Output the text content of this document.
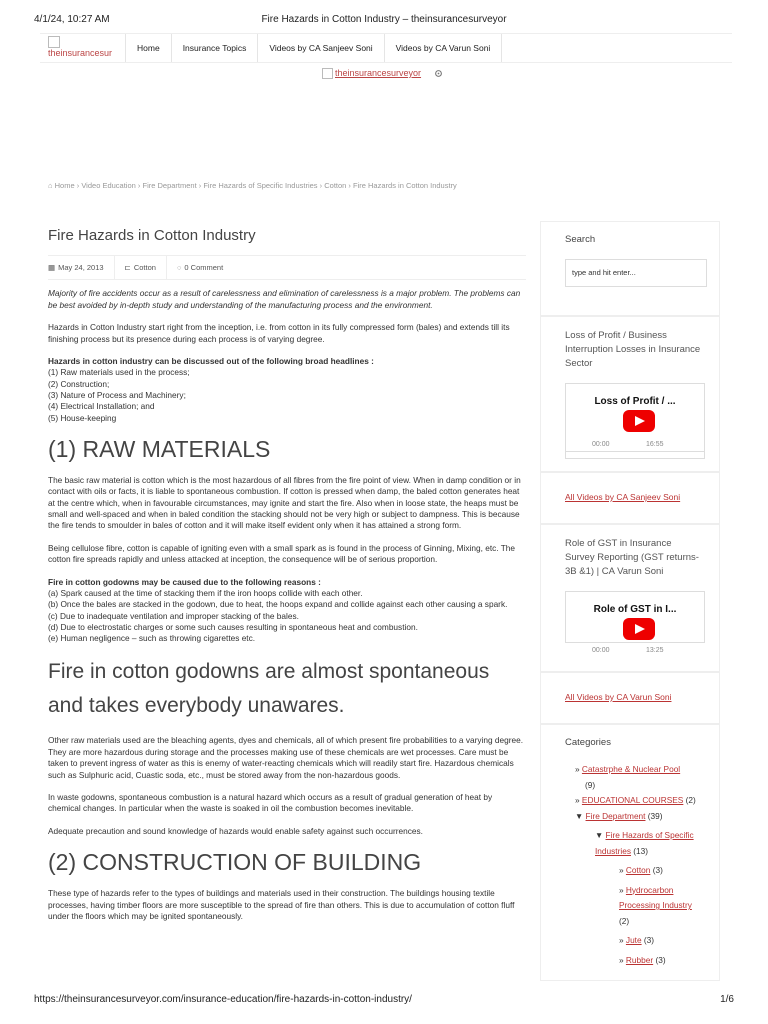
4/1/24, 10:27 AM	Fire Hazards in Cotton Industry – theinsurancesurveyor
theinsurancesur	Home	Insurance Topics	Videos by CA Sanjeev Soni	Videos by CA Varun Soni
theinsurancesurveyor
⌂ Home › Video Education › Fire Department › Fire Hazards of Specific Industries › Cotton › Fire Hazards in Cotton Industry
Fire Hazards in Cotton Industry
▦ May 24, 2013	⊏ Cotton	◌ 0 Comment

Majority of fire accidents occur as a result of carelessness and elimination of carelessness is a major problem. The problems can be best avoided by in-depth study and understanding of the manufacturing process and the environment.

Hazards in Cotton Industry start right from the inception, i.e. from cotton in its fully compressed form (bales) and extends till its finishing process but its presence during each process is of varying degree.

Hazards in cotton industry can be discussed out of the following broad headlines :
(1) Raw materials used in the process;
(2) Construction;
(3) Nature of Process and Machinery;
(4) Electrical Installation; and
(5) House-keeping
(1) RAW MATERIALS

The basic raw material is cotton which is the most hazardous of all fibres from the fire point of view. When in damp condition or in contact with oils or facts, it is liable to spontaneous combustion. If cotton is pressed when damp, the baled cotton generates heat at the centre which, when in favourable circumstances, may ignite and start the fire. Also when in loose state, the heaps must be small and well-spaced and when in baled condition the stacking should not be very high or subject to dampness. This is because the fire tends to smoulder in bales of cotton and it will make itself evident only when it has attained a strong form.

Being cellulose fibre, cotton is capable of igniting even with a small spark as is found in the process of Ginning, Mixing, etc. The cotton fire spreads rapidly and unless attacked at inception, the consequence will be of serious proportion.

Fire in cotton godowns may be caused due to the following reasons :
(a) Spark caused at the time of stacking them if the iron hoops collide with each other.
(b) Once the bales are stacked in the godown, due to heat, the hoops expand and collide against each other causing a spark.
(c) Due to inadequate ventilation and improper stacking of the bales.
(d) Due to electrostatic charges or some such causes resulting in spontaneous heat and combustion.
(e) Human negligence – such as throwing cigarettes etc.
Fire in cotton godowns are almost spontaneous and takes everybody unawares.

Other raw materials used are the bleaching agents, dyes and chemicals, all of which present fire probabilities to a varying degree. They are more hazardous during storage and the processes making use of these chemicals are wet processes. Care must be taken to prevent ingress of water as this is enemy of water-reacting chemicals which will readily start fire. Hazardous chemicals such as Sulphuric acid, Cuastic soda, etc., must be stored away from the non-hazardous goods.

In waste godowns, spontaneous combustion is a natural hazard which occurs as a result of gradual generation of heat by chemical changes. In particular when the waste is soaked in oil the combustion becomes inevitable.

Adequate precaution and sound knowledge of hazards would enable safety against such occurrences.

(2) CONSTRUCTION OF BUILDING

These type of hazards refer to the types of buildings and materials used in their construction. The buildings housing textile processes, having timber floors are more susceptible to the spread of fire than others. This is due to accumulation of cotton fluff under the floors which may be ignited spontaneously.

Search
type and hit enter...
Loss of Profit / Business Interruption Losses in Insurance Sector
Loss of Profit / ...
00:00	16:55
All Videos by CA Sanjeev Soni
Role of GST in Insurance Survey Reporting (GST returns-3B &1) | CA Varun Soni
Role of GST in I...
00:00	13:25
All Videos by CA Varun Soni
Categories
» Catastrphe & Nuclear Pool
(9)
» EDUCATIONAL COURSES (2)
▼ Fire Department (39)
▼ Fire Hazards of Specific Industries (13)
» Cotton (3)
» Hydrocarbon Processing Industry (2)
» Jute (3)
» Rubber (3)
https://theinsurancesurveyor.com/insurance-education/fire-hazards-in-cotton-industry/	1/6
